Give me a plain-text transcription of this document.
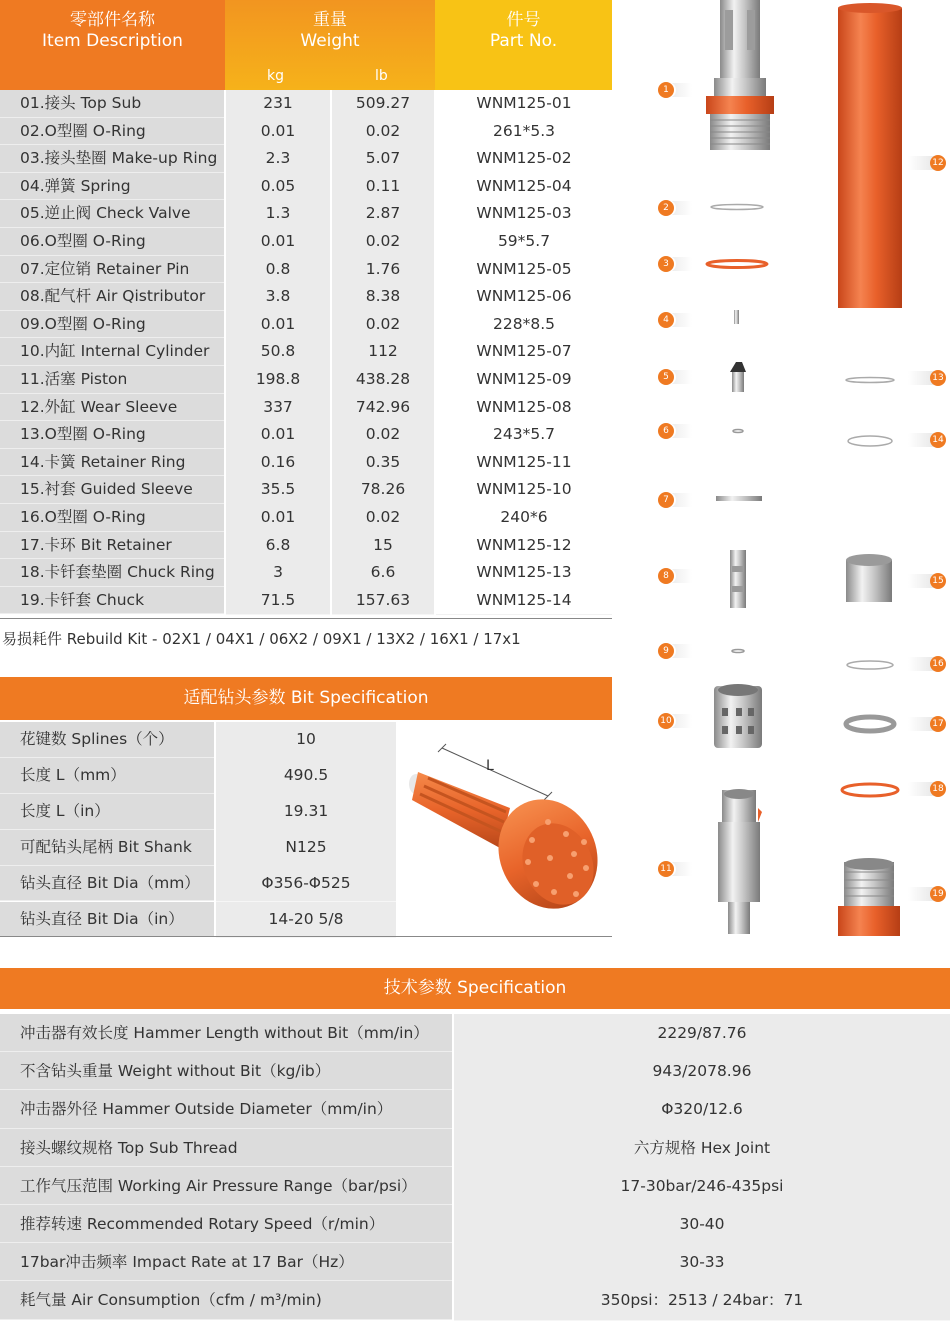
零部件名称
Item Description
重量
Weight
kg	lb
件号
Part No.
01.接头 Top Sub	231	509.27	WNM125-01
02.O型圈 O-Ring	0.01	0.02	261*5.3
03.接头垫圈 Make-up Ring	2.3	5.07	WNM125-02
04.弹簧 Spring	0.05	0.11	WNM125-04
05.逆止阀 Check Valve	1.3	2.87	WNM125-03
06.O型圈 O-Ring	0.01	0.02	59*5.7
07.定位销 Retainer Pin	0.8	1.76	WNM125-05
08.配气杆 Air Qistributor	3.8	8.38	WNM125-06
09.O型圈 O-Ring	0.01	0.02	228*8.5
10.内缸 Internal Cylinder	50.8	112	WNM125-07
11.活塞 Piston	198.8	438.28	WNM125-09
12.外缸 Wear Sleeve	337	742.96	WNM125-08
13.O型圈 O-Ring	0.01	0.02	243*5.7
14.卡簧 Retainer Ring	0.16	0.35	WNM125-11
15.衬套 Guided Sleeve	35.5	78.26	WNM125-10
16.O型圈 O-Ring	0.01	0.02	240*6
17.卡环 Bit Retainer	6.8	15	WNM125-12
18.卡钎套垫圈 Chuck Ring	3	6.6	WNM125-13
19.卡钎套 Chuck	71.5	157.63	WNM125-14
易损耗件 Rebuild Kit - 02X1 / 04X1 / 06X2 / 09X1 / 13X2 / 16X1 / 17x1
适配钻头参数 Bit Specification
花键数 Splines（个）	10
长度 L（mm）	490.5
长度 L（in）	19.31
可配钻头尾柄 Bit Shank	N125
钻头直径 Bit Dia（mm）	Φ356-Φ525
钻头直径 Bit Dia（in）	14-20 5/8
L
技术参数 Specification
冲击器有效长度 Hammer Length without Bit（mm/in）	2229/87.76
不含钻头重量 Weight without Bit（kg/ib）	943/2078.96
冲击器外径 Hammer Outside Diameter（mm/in）	Φ320/12.6
接头螺纹规格 Top Sub Thread	六方规格 Hex Joint
工作气压范围 Working Air Pressure Range（bar/psi）	17-30bar/246-435psi
推荐转速 Recommended Rotary Speed（r/min）	30-40
17bar冲击频率 Impact Rate at 17 Bar（Hz）	30-33
耗气量 Air Consumption（cfm / m³/min)	350psi：2513 / 24bar：71
1
2
3
4
5
6
7
8
9
10
11
12
13
14
15
16
17
18
19
